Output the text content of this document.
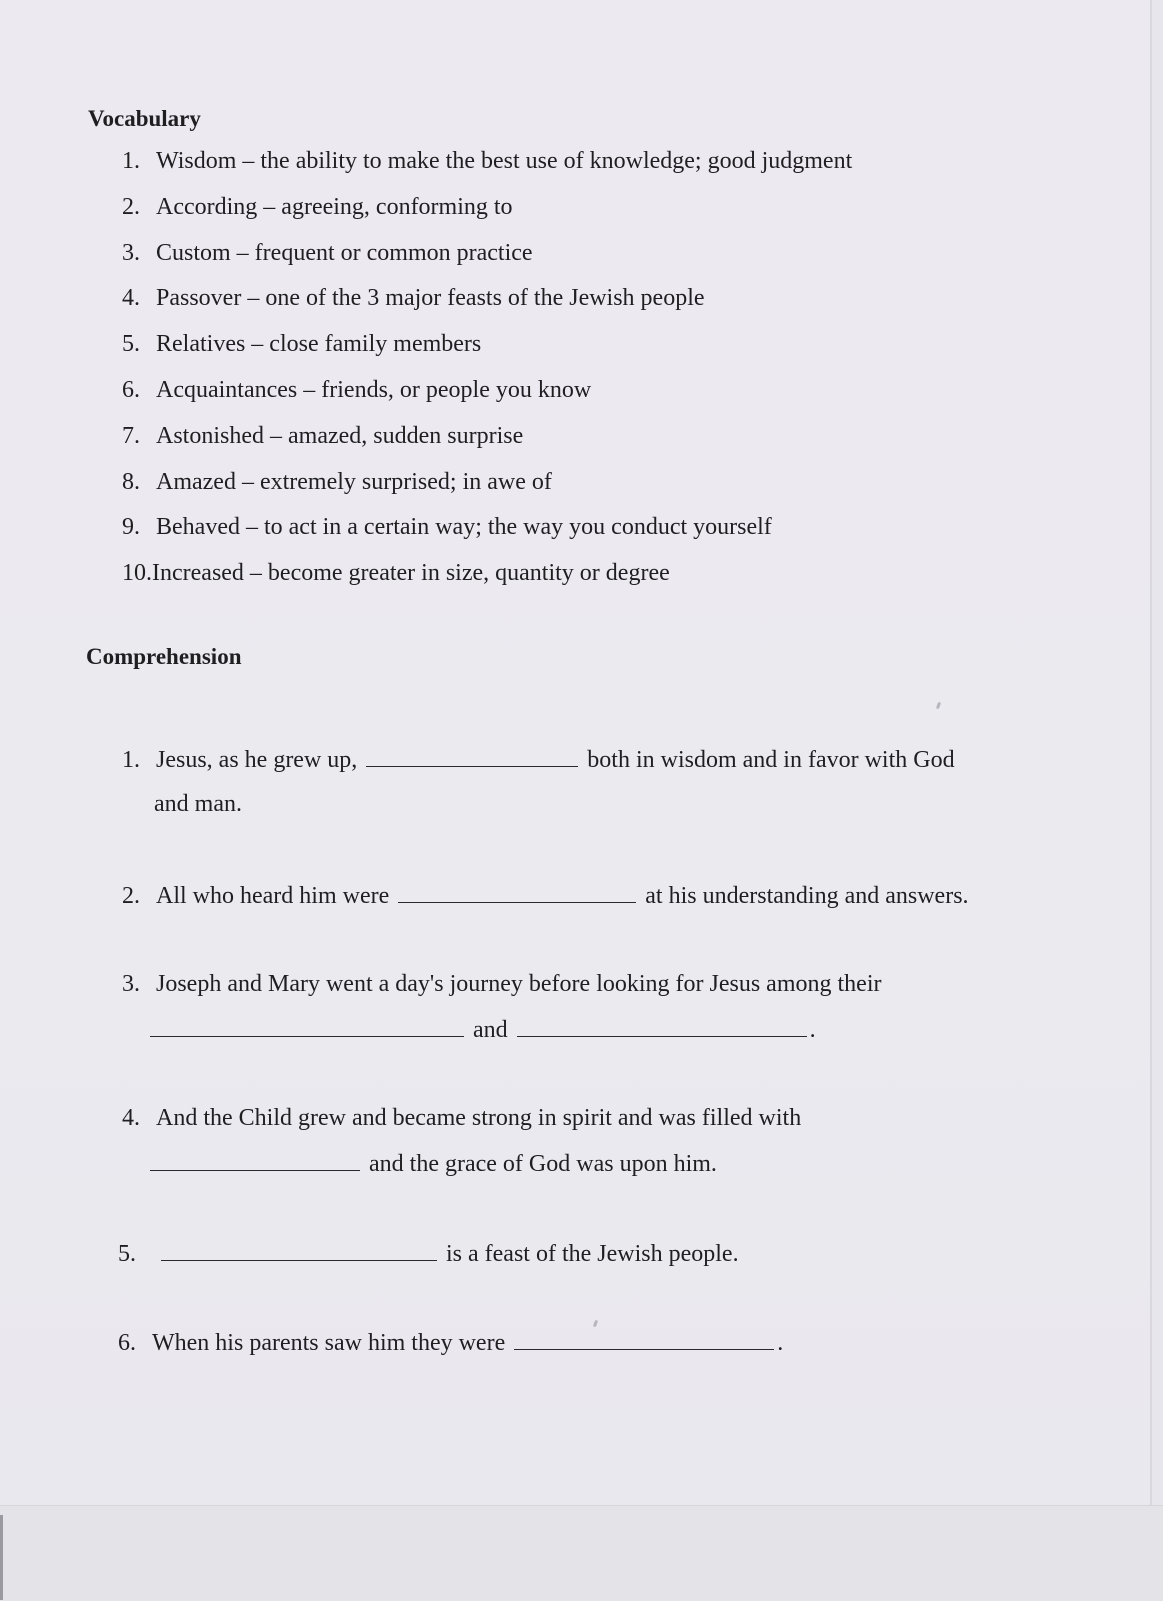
Vocabulary
1. Wisdom – the ability to make the best use of knowledge; good judgment
2. According – agreeing, conforming to
3. Custom – frequent or common practice
4. Passover – one of the 3 major feasts of the Jewish people
5. Relatives – close family members
6. Acquaintances – friends, or people you know
7. Astonished – amazed, sudden surprise
8. Amazed – extremely surprised; in awe of
9. Behaved – to act in a certain way; the way you conduct yourself
10.Increased – become greater in size, quantity or degree
Comprehension
1. Jesus, as he grew up,	both in wisdom and in favor with God
and man.
2. All who heard him were	at his understanding and answers.
3. Joseph and Mary went a day's journey before looking for Jesus among their
and	.
4. And the Child grew and became strong in spirit and was filled with
and the grace of God was upon him.
5.	is a feast of the Jewish people.
6. When his parents saw him they were	.
